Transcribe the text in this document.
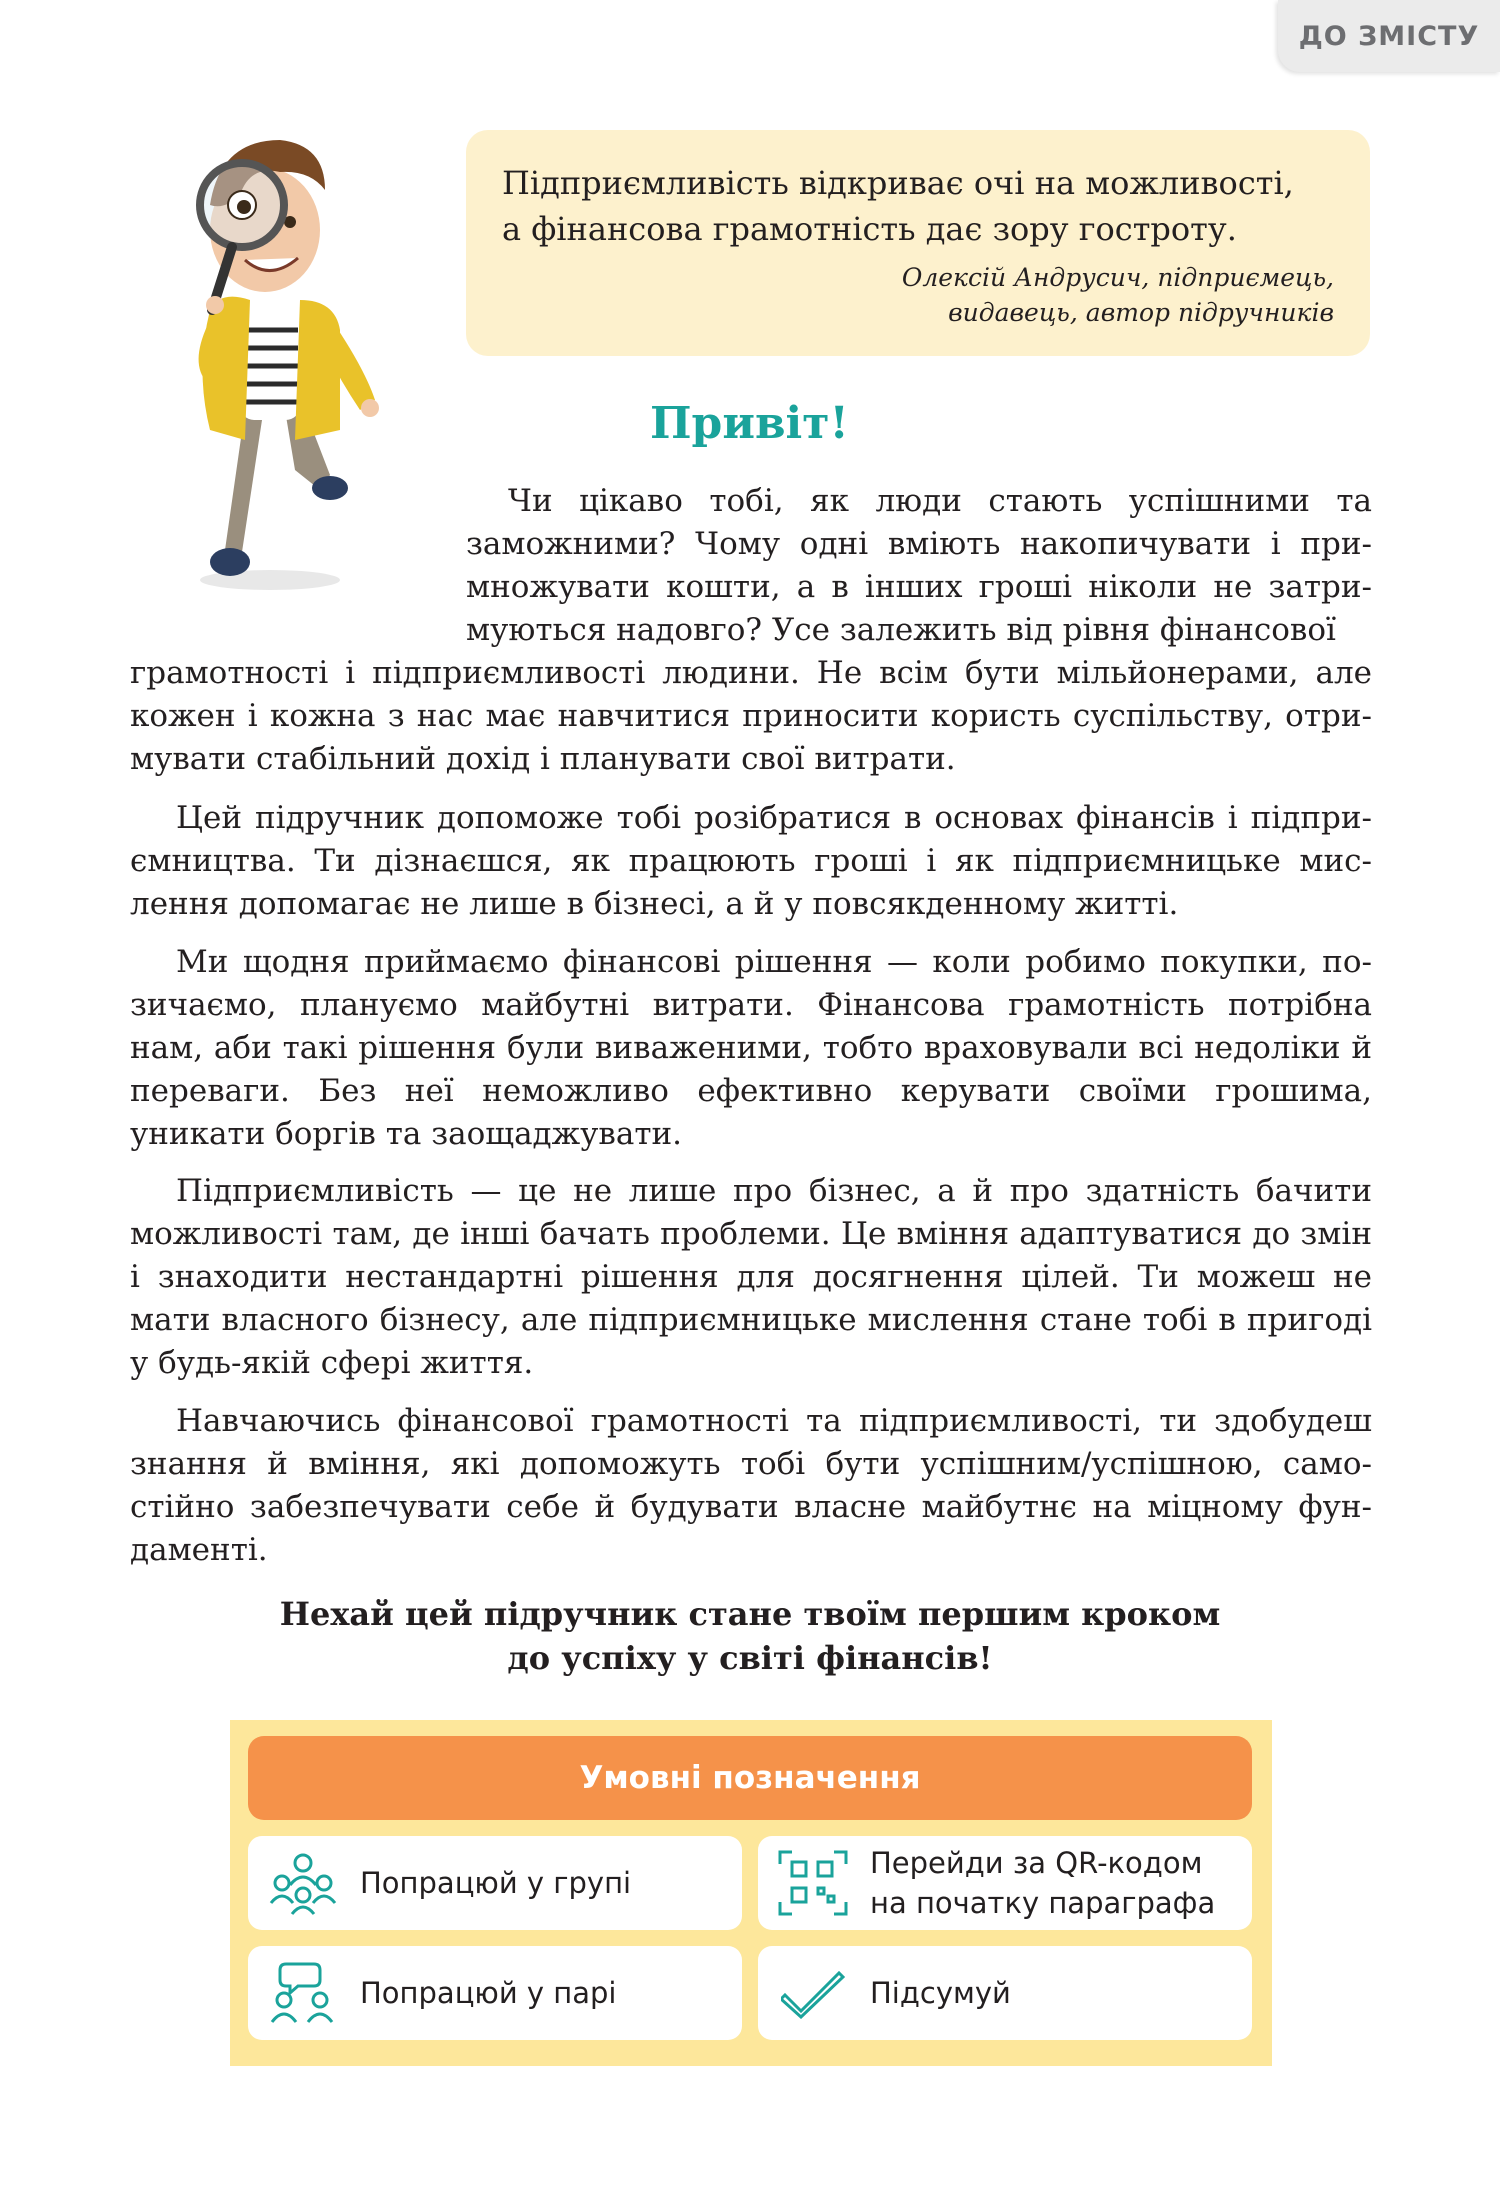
ДО ЗМІСТУ

Підприємливість відкриває очі на можливості,
а фінансова грамотність дає зору гостроту.

Олексій Андрусич, підприємець,
видавець, автор підручників

Привіт!

Чи цікаво тобі, як люди стають успішними та заможними? Чому одні вміють накопичувати і примножувати кошти, а в інших гроші ніколи не затримуються надовго? Усе залежить від рівня фінансової

грамотності і підприємливості людини. Не всім бути мільйонерами, але кожен і кожна з нас має навчитися приносити користь суспільству, отримувати стабільний дохід і планувати свої витрати.

Цей підручник допоможе тобі розібратися в основах фінансів і підприємництва. Ти дізнаєшся, як працюють гроші і як підприємницьке мислення допомагає не лише в бізнесі, а й у повсякденному житті.

Ми щодня приймаємо фінансові рішення — коли робимо покупки, позичаємо, плануємо майбутні витрати. Фінансова грамотність потрібна нам, аби такі рішення були виваженими, тобто враховували всі недоліки й переваги. Без неї неможливо ефективно керувати своїми грошима, уникати боргів та заощаджувати.

Підприємливість — це не лише про бізнес, а й про здатність бачити можливості там, де інші бачать проблеми. Це вміння адаптуватися до змін і знаходити нестандартні рішення для досягнення цілей. Ти можеш не мати власного бізнесу, але підприємницьке мислення стане тобі в пригоді у будь-якій сфері життя.

Навчаючись фінансової грамотності та підприємливості, ти здобудеш знання й вміння, які допоможуть тобі бути успішним/успішною, самостійно забезпечувати себе й будувати власне майбутнє на міцному фундаменті.

Нехай цей підручник стане твоїм першим кроком
до успіху у світі фінансів!

Умовні позначення
Попрацюй у групі
Перейди за QR-кодом
на початку параграфа
Попрацюй у парі	Підсумуй
